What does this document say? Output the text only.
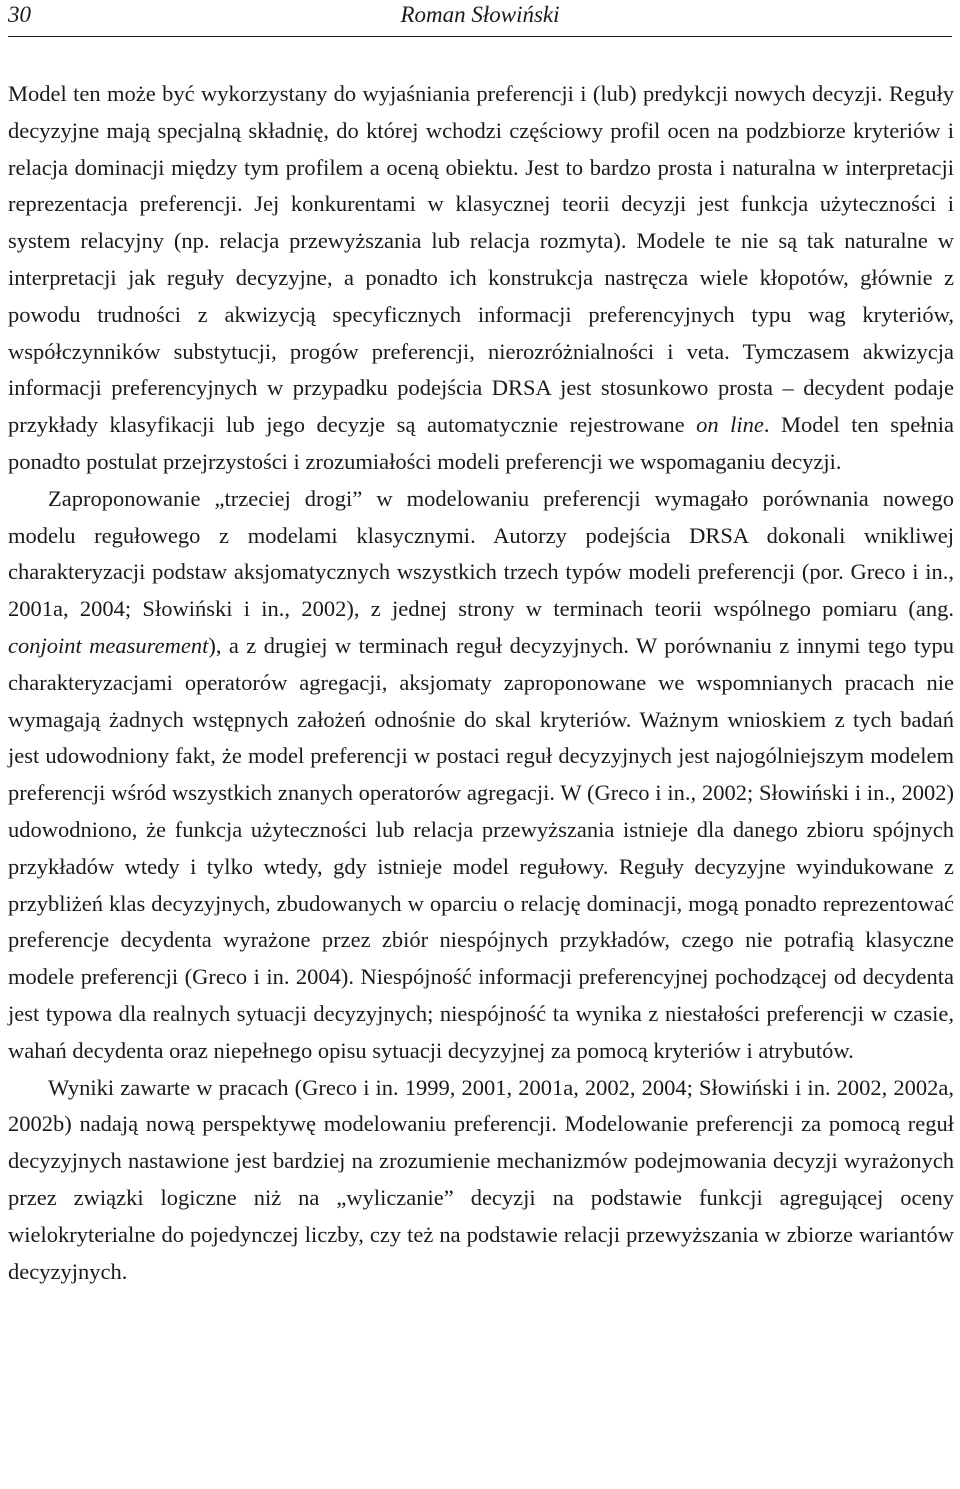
30	Roman Słowiński

Model ten może być wykorzystany do wyjaśniania preferencji i (lub) predykcji nowych decyzji. Reguły decyzyjne mają specjalną składnię, do której wchodzi częściowy profil ocen na podzbiorze kryteriów i relacja dominacji między tym profilem a oceną obiektu. Jest to bardzo prosta i naturalna w interpretacji reprezentacja preferencji. Jej konkurentami w klasycznej teorii decyzji jest funkcja użyteczności i system relacyjny (np. relacja przewyższania lub relacja rozmyta). Modele te nie są tak naturalne w interpretacji jak reguły decyzyjne, a ponadto ich konstrukcja nastręcza wiele kłopotów, głównie z powodu trudności z akwizycją specyficznych informacji preferencyjnych typu wag kryteriów, współczynników substytucji, progów preferencji, nierozróżnialności i veta. Tymczasem akwizycja informacji preferencyjnych w przypadku podejścia DRSA jest stosunkowo prosta – decydent podaje przykłady klasyfikacji lub jego decyzje są automatycznie rejestrowane on line. Model ten spełnia ponadto postulat przejrzystości i zrozumiałości modeli preferencji we wspomaganiu decyzji.

Zaproponowanie „trzeciej drogi” w modelowaniu preferencji wymagało porównania nowego modelu regułowego z modelami klasycznymi. Autorzy podejścia DRSA dokonali wnikliwej charakteryzacji podstaw aksjomatycznych wszystkich trzech typów modeli preferencji (por. Greco i in., 2001a, 2004; Słowiński i in., 2002), z jednej strony w terminach teorii wspólnego pomiaru (ang. conjoint measurement), a z drugiej w terminach reguł decyzyjnych. W porównaniu z innymi tego typu charakteryzacjami operatorów agregacji, aksjomaty zaproponowane we wspomnianych pracach nie wymagają żadnych wstępnych założeń odnośnie do skal kryteriów. Ważnym wnioskiem z tych badań jest udowodniony fakt, że model preferencji w postaci reguł decyzyjnych jest najogólniejszym modelem preferencji wśród wszystkich znanych operatorów agregacji. W (Greco i in., 2002; Słowiński i in., 2002) udowodniono, że funkcja użyteczności lub relacja przewyższania istnieje dla danego zbioru spójnych przykładów wtedy i tylko wtedy, gdy istnieje model regułowy. Reguły decyzyjne wyindukowane z przybliżeń klas decyzyjnych, zbudowanych w oparciu o relację dominacji, mogą ponadto reprezentować preferencje decydenta wyrażone przez zbiór niespójnych przykładów, czego nie potrafią klasyczne modele preferencji (Greco i in. 2004). Niespójność informacji preferencyjnej pochodzącej od decydenta jest typowa dla realnych sytuacji decyzyjnych; niespójność ta wynika z niestałości preferencji w czasie, wahań decydenta oraz niepełnego opisu sytuacji decyzyjnej za pomocą kryteriów i atrybutów.

Wyniki zawarte w pracach (Greco i in. 1999, 2001, 2001a, 2002, 2004; Słowiński i in. 2002, 2002a, 2002b) nadają nową perspektywę modelowaniu preferencji. Modelowanie preferencji za pomocą reguł decyzyjnych nastawione jest bardziej na zrozumienie mechanizmów podejmowania decyzji wyrażonych przez związki logiczne niż na „wyliczanie” decyzji na podstawie funkcji agregującej oceny wielokryterialne do pojedynczej liczby, czy też na podstawie relacji przewyższania w zbiorze wariantów decyzyjnych.
